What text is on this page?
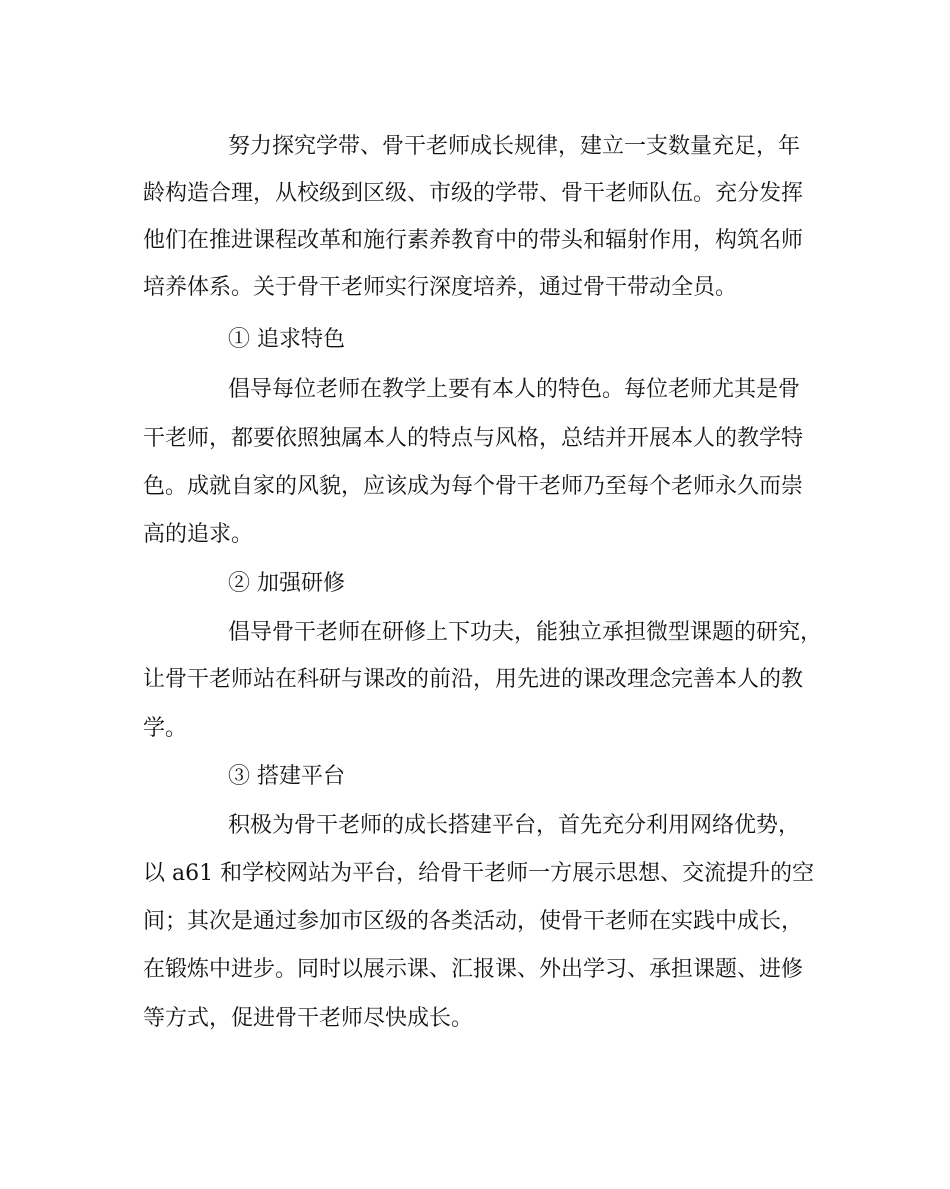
努力探究学带、骨干老师成长规律，建立一支数量充足，年
龄构造合理，从校级到区级、市级的学带、骨干老师队伍。充分发挥
他们在推进课程改革和施行素养教育中的带头和辐射作用，构筑名师
培养体系。关于骨干老师实行深度培养，通过骨干带动全员。
① 追求特色
倡导每位老师在教学上要有本人的特色。每位老师尤其是骨
干老师，都要依照独属本人的特点与风格，总结并开展本人的教学特
色。成就自家的风貌，应该成为每个骨干老师乃至每个老师永久而崇
高的追求。
② 加强研修
倡导骨干老师在研修上下功夫，能独立承担微型课题的研究，
让骨干老师站在科研与课改的前沿，用先进的课改理念完善本人的教
学。
③ 搭建平台
积极为骨干老师的成长搭建平台，首先充分利用网络优势，
以 a61 和学校网站为平台，给骨干老师一方展示思想、交流提升的空
间；其次是通过参加市区级的各类活动，使骨干老师在实践中成长，
在锻炼中进步。同时以展示课、汇报课、外出学习、承担课题、进修
等方式，促进骨干老师尽快成长。
